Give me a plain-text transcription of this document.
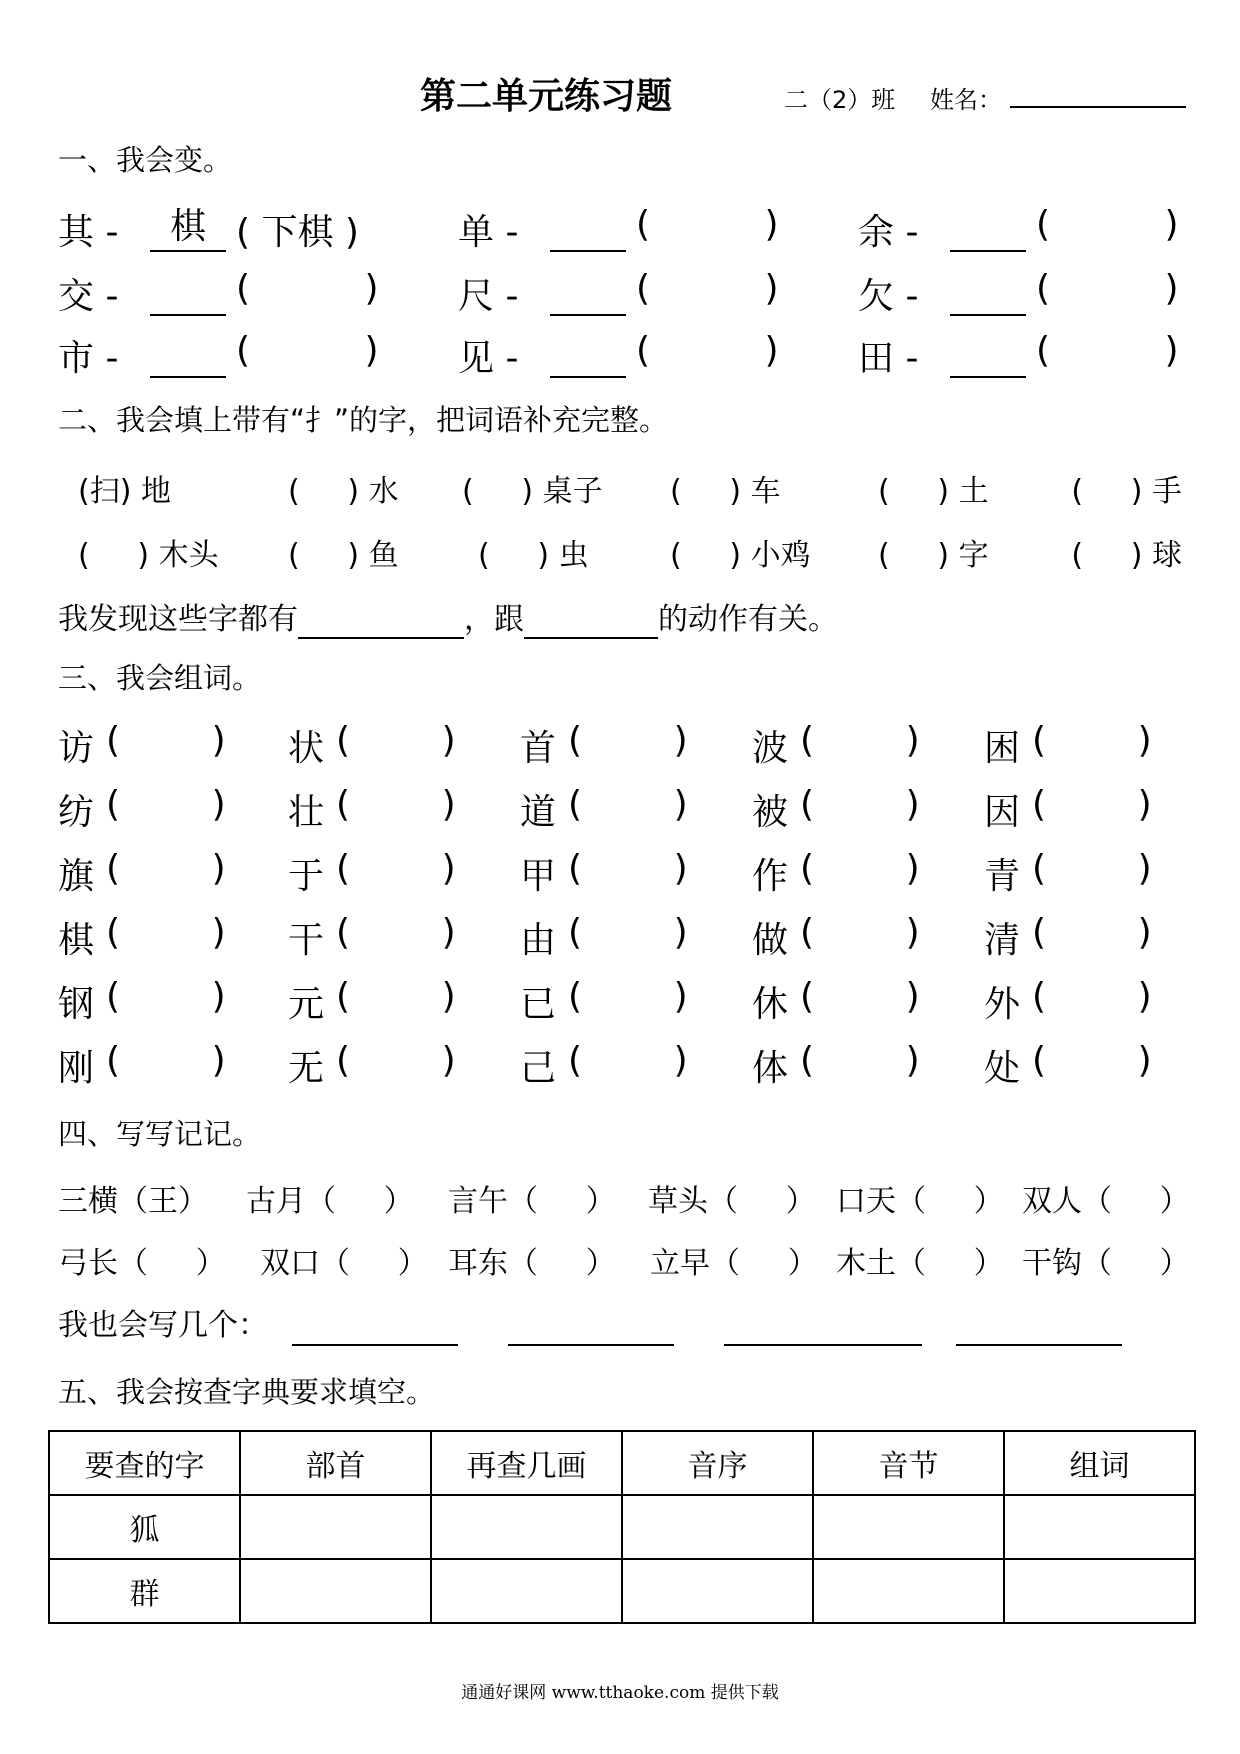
第二单元练习题	二（2）班 姓名：
一、我会变。
其 -	棋 ( 下棋 )	单 -	(          )	余 -	(          )
交 -	(          )	尺 -	(          )	欠 -	(          )
市 -	(          )	见 -	(          )	田 -	(          )
二、我会填上带有“扌”的字，把词语补充完整。
(扫) 地	(     ) 水 (     ) 桌子 (     ) 车	(     ) 土	(     ) 手
(     ) 木头 (     ) 鱼	(     ) 虫	(     ) 小鸡 (     ) 字	(     ) 球
我发现这些字都有	，跟	的动作有关。
三、我会组词。
访 (        )	状 (        )	首 (        )	波 (        )	困 (        )
纺 (        )	壮 (        )	道 (        )	被 (        )	因 (        )
旗 (        )	于 (        )	甲 (        )	作 (        )	青 (        )
棋 (        )	干 (        )	由 (        )	做 (        )	清 (        )
钢 (        )	元 (        )	已 (        )	休 (        )	外 (        )
刚 (        )	无 (        )	己 (        )	体 (        )	处 (        )
四、写写记记。
三横（王） 古月（     ） 言午（     ） 草头（     ） 口天（     ） 双人（     ）
弓长（     ） 双口（     ） 耳东（     ） 立早（     ） 木土（     ） 干钩（     ）
我也会写几个：
五、我会按查字典要求填空。
要查的字	部首	再查几画	音序	音节	组词
狐					
群					
通通好课网 www.tthaoke.com 提供下载
